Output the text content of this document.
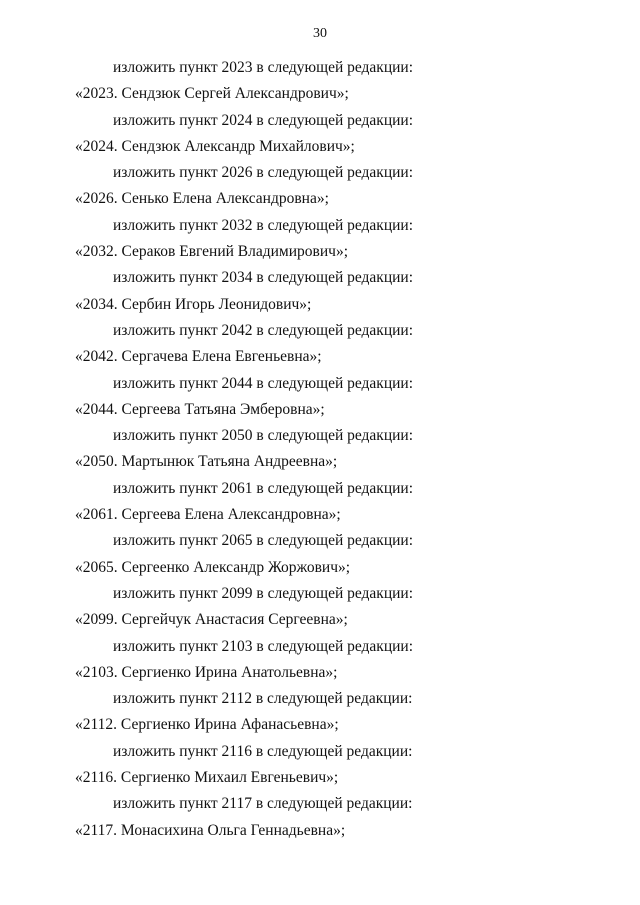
30
изложить пункт 2023 в следующей редакции:
«2023. Сендзюк Сергей Александрович»;
изложить пункт 2024 в следующей редакции:
«2024. Сендзюк Александр Михайлович»;
изложить пункт 2026 в следующей редакции:
«2026. Сенько Елена Александровна»;
изложить пункт 2032 в следующей редакции:
«2032. Сераков Евгений Владимирович»;
изложить пункт 2034 в следующей редакции:
«2034. Сербин Игорь Леонидович»;
изложить пункт 2042 в следующей редакции:
«2042. Сергачева Елена Евгеньевна»;
изложить пункт 2044 в следующей редакции:
«2044. Сергеева Татьяна Эмберовна»;
изложить пункт 2050 в следующей редакции:
«2050. Мартынюк Татьяна Андреевна»;
изложить пункт 2061 в следующей редакции:
«2061. Сергеева Елена Александровна»;
изложить пункт 2065 в следующей редакции:
«2065. Сергеенко Александр Жоржович»;
изложить пункт 2099 в следующей редакции:
«2099. Сергейчук Анастасия Сергеевна»;
изложить пункт 2103 в следующей редакции:
«2103. Сергиенко Ирина Анатольевна»;
изложить пункт 2112 в следующей редакции:
«2112. Сергиенко Ирина Афанасьевна»;
изложить пункт 2116 в следующей редакции:
«2116. Сергиенко Михаил Евгеньевич»;
изложить пункт 2117 в следующей редакции:
«2117. Монасихина Ольга Геннадьевна»;
